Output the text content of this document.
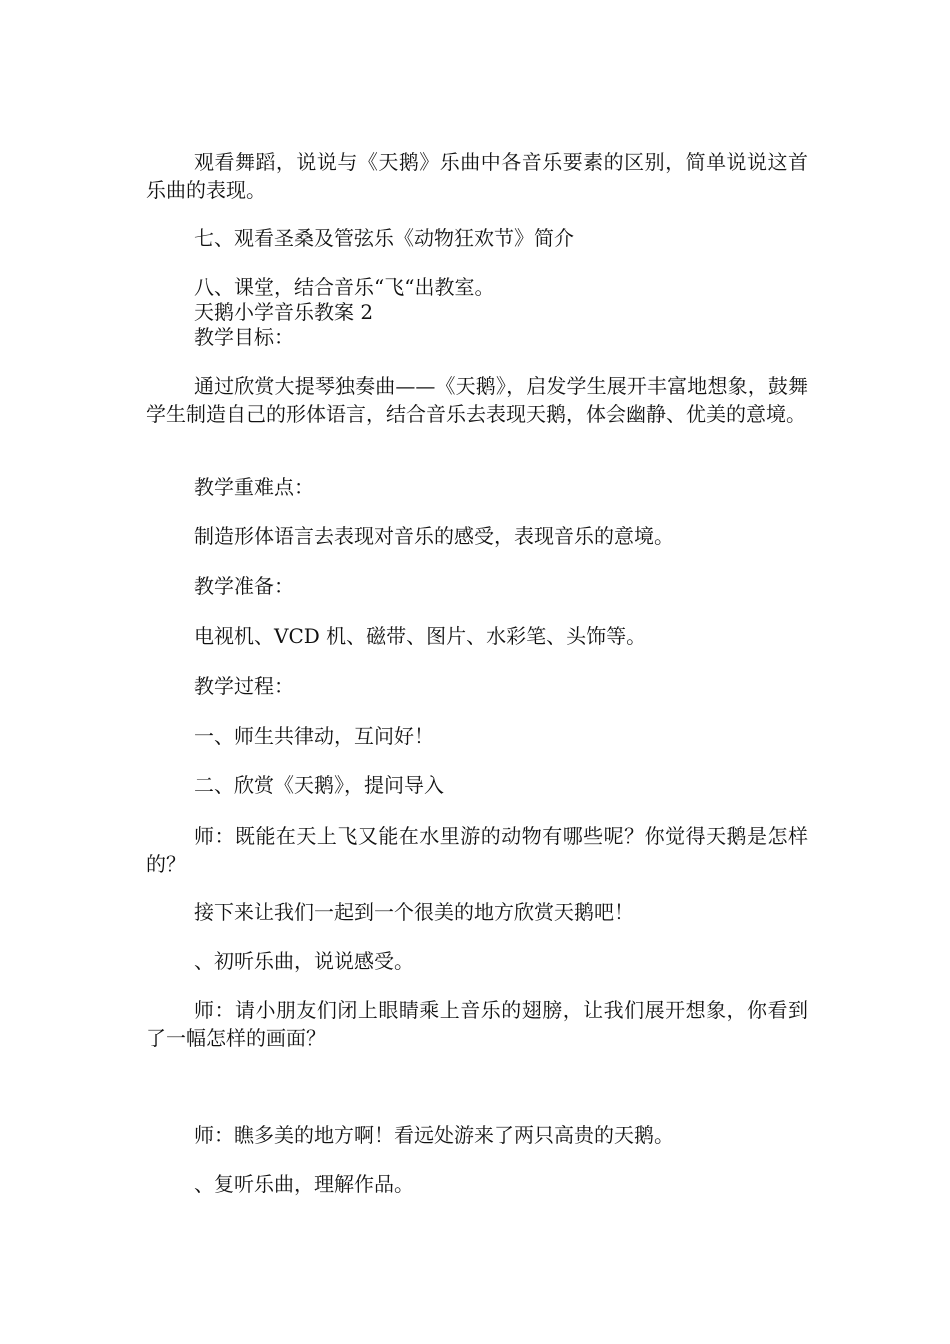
观看舞蹈，说说与《天鹅》乐曲中各音乐要素的区别，简单说说这首乐曲的表现。

七、观看圣桑及管弦乐《动物狂欢节》简介

八、课堂，结合音乐“飞“出教室。

天鹅小学音乐教案 2

教学目标：

通过欣赏大提琴独奏曲——《天鹅》，启发学生展开丰富地想象，鼓舞学生制造自己的形体语言，结合音乐去表现天鹅，体会幽静、优美的意境。

教学重难点：

制造形体语言去表现对音乐的感受，表现音乐的意境。

教学准备：

电视机、VCD 机、磁带、图片、水彩笔、头饰等。

教学过程：

一、师生共律动，互问好！

二、欣赏《天鹅》，提问导入

师：既能在天上飞又能在水里游的动物有哪些呢？你觉得天鹅是怎样的？

接下来让我们一起到一个很美的地方欣赏天鹅吧！

、初听乐曲，说说感受。

师：请小朋友们闭上眼睛乘上音乐的翅膀，让我们展开想象，你看到了一幅怎样的画面？

师：瞧多美的地方啊！看远处游来了两只高贵的天鹅。

、复听乐曲，理解作品。
